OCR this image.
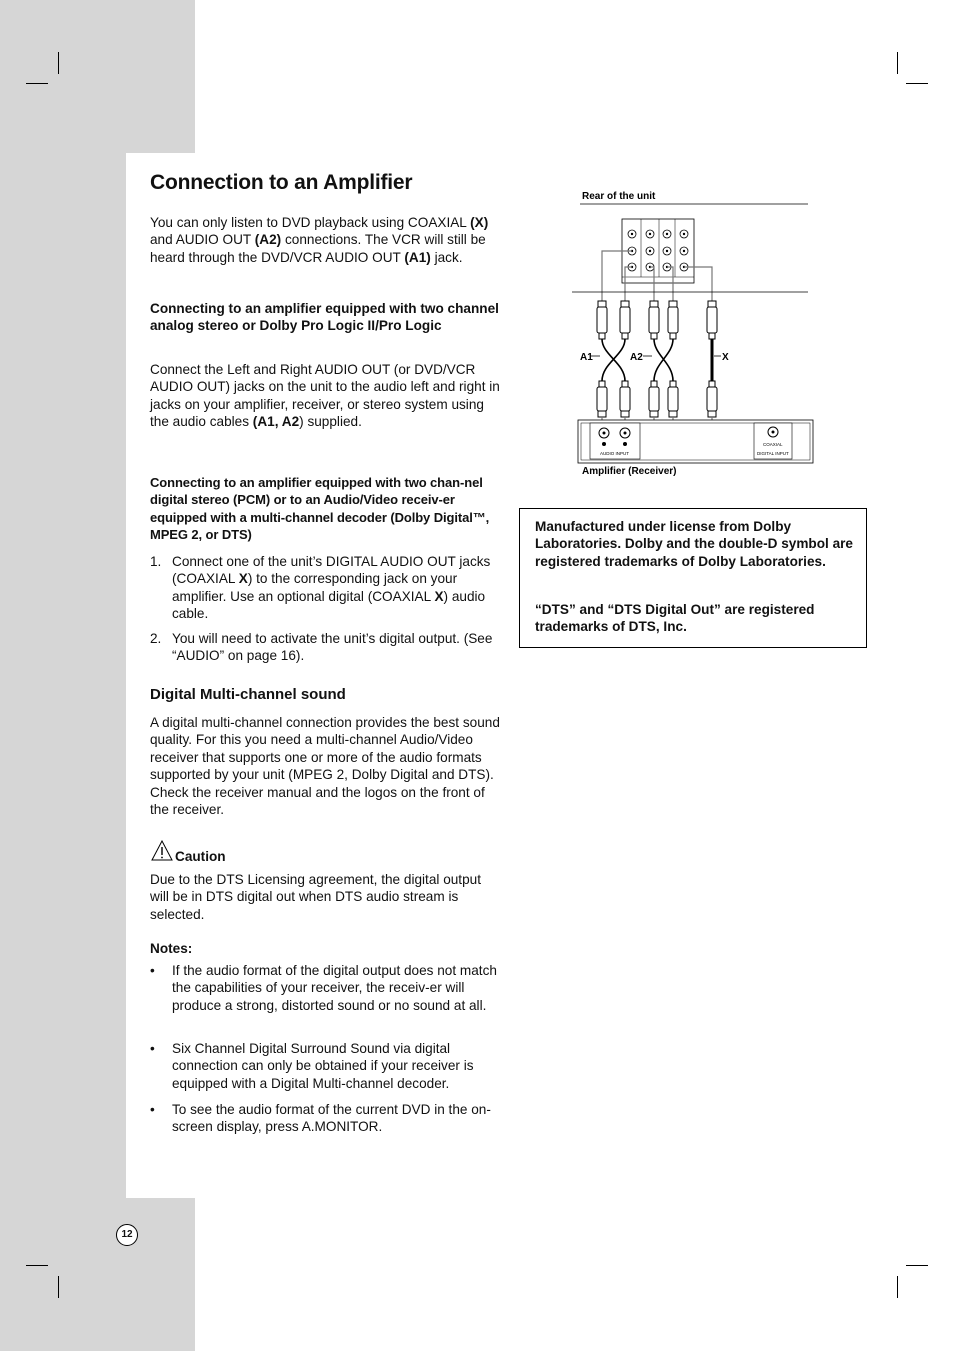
Connection to an Amplifier

You can only listen to DVD playback using COAXIAL (X) and AUDIO OUT (A2) connections. The VCR will still be heard through the DVD/VCR AUDIO OUT (A1) jack.

Connecting to an amplifier equipped with two channel analog stereo or Dolby Pro Logic II/Pro Logic

Connect the Left and Right AUDIO OUT (or DVD/VCR AUDIO OUT) jacks on the unit to the audio left and right in jacks on your amplifier, receiver, or stereo system using the audio cables (A1, A2) supplied.

Connecting to an amplifier equipped with two chan-nel digital stereo (PCM) or to an Audio/Video receiv-er equipped with a multi-channel decoder (Dolby Digital™, MPEG 2, or DTS)

1. Connect one of the unit’s DIGITAL AUDIO OUT jacks (COAXIAL X) to the corresponding jack on your amplifier. Use an optional digital (COAXIAL X) audio cable.
2. You will need to activate the unit’s digital output. (See “AUDIO” on page 16).
Digital Multi-channel sound

A digital multi-channel connection provides the best sound quality. For this you need a multi-channel Audio/Video receiver that supports one or more of the audio formats supported by your unit (MPEG 2, Dolby Digital and DTS). Check the receiver manual and the logos on the front of the receiver.

Caution

Due to the DTS Licensing agreement, the digital output will be in DTS digital out when DTS audio stream is selected.

Notes:

• If the audio format of the digital output does not match the capabilities of your receiver, the receiv-er will produce a strong, distorted sound or no sound at all.
• Six Channel Digital Surround Sound via digital connection can only be obtained if your receiver is equipped with a Digital Multi-channel decoder.
• To see the audio format of the current DVD in the on-screen display, press A.MONITOR.
Rear of the unit
A1	A2	X
AUDIO INPUT
COAXIAL
DIGITAL INPUT
Amplifier (Receiver)

Manufactured under license from Dolby Laboratories. Dolby and the double-D symbol are registered trademarks of Dolby Laboratories.

“DTS” and “DTS Digital Out” are registered trademarks of DTS, Inc.

12
